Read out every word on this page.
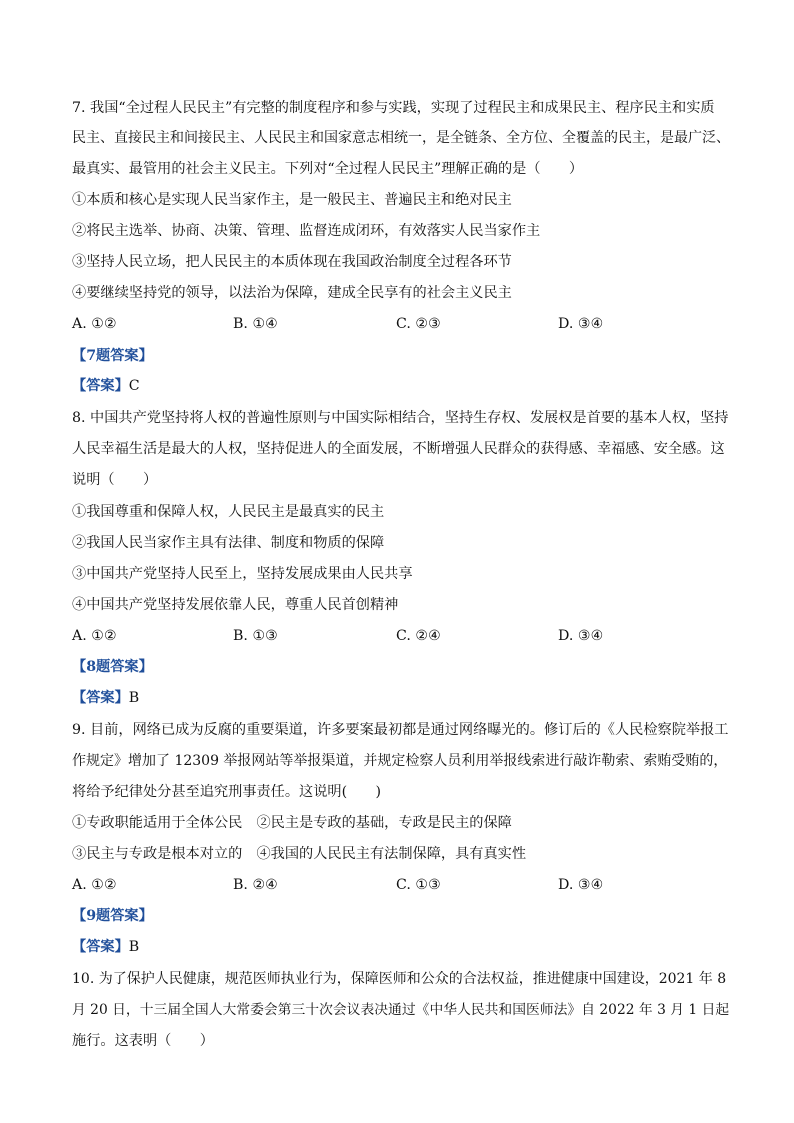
7. 我国“全过程人民民主”有完整的制度程序和参与实践，实现了过程民主和成果民主、程序民主和实质
民主、直接民主和间接民主、人民民主和国家意志相统一，是全链条、全方位、全覆盖的民主，是最广泛、
最真实、最管用的社会主义民主。下列对“全过程人民民主”理解正确的是（　　）
①本质和核心是实现人民当家作主，是一般民主、普遍民主和绝对民主
②将民主选举、协商、决策、管理、监督连成闭环，有效落实人民当家作主
③坚持人民立场，把人民民主的本质体现在我国政治制度全过程各环节
④要继续坚持党的领导，以法治为保障，建成全民享有的社会主义民主
A. ①②	B. ①④	C. ②③	D. ③④
【7题答案】
【答案】C
8. 中国共产党坚持将人权的普遍性原则与中国实际相结合，坚持生存权、发展权是首要的基本人权，坚持
人民幸福生活是最大的人权，坚持促进人的全面发展，不断增强人民群众的获得感、幸福感、安全感。这
说明（　　）
①我国尊重和保障人权，人民民主是最真实的民主
②我国人民当家作主具有法律、制度和物质的保障
③中国共产党坚持人民至上，坚持发展成果由人民共享
④中国共产党坚持发展依靠人民，尊重人民首创精神
A. ①②	B. ①③	C. ②④	D. ③④
【8题答案】
【答案】B
9. 目前，网络已成为反腐的重要渠道，许多要案最初都是通过网络曝光的。修订后的《人民检察院举报工
作规定》增加了 12309 举报网站等举报渠道，并规定检察人员利用举报线索进行敲诈勒索、索贿受贿的，
将给予纪律处分甚至追究刑事责任。这说明(　　)
①专政职能适用于全体公民　②民主是专政的基础，专政是民主的保障
③民主与专政是根本对立的　④我国的人民民主有法制保障，具有真实性
A. ①②	B. ②④	C. ①③	D. ③④
【9题答案】
【答案】B
10. 为了保护人民健康，规范医师执业行为，保障医师和公众的合法权益，推进健康中国建设，2021 年 8
月 20 日，十三届全国人大常委会第三十次会议表决通过《中华人民共和国医师法》自 2022 年 3 月 1 日起
施行。这表明（　　）
